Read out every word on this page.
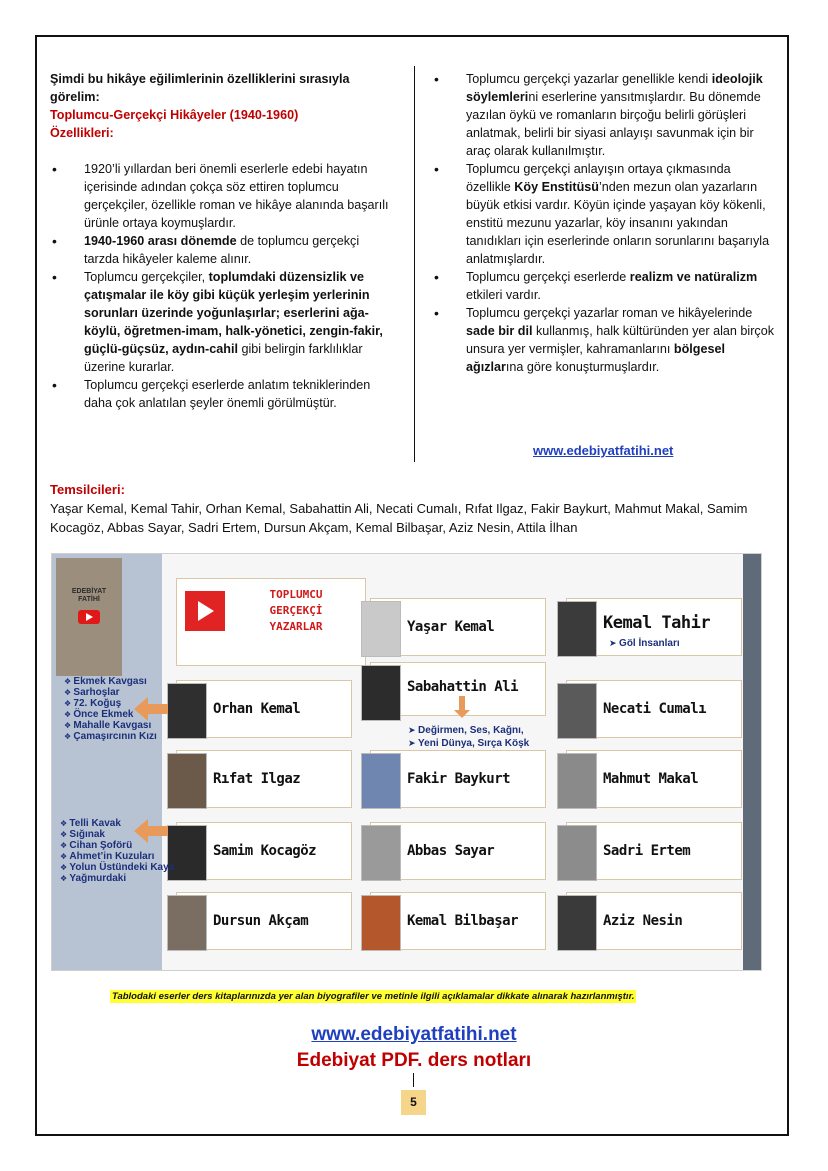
Şimdi bu hikâye eğilimlerinin özelliklerini sırasıyla görelim:
Toplumcu-Gerçekçi Hikâyeler (1940-1960)
Özellikleri:
• 1920’li yıllardan beri önemli eserlerle edebi hayatın içerisinde adından çokça söz ettiren toplumcu gerçekçiler, özellikle roman ve hikâye alanında başarılı ürünle ortaya koymuşlardır.
• 1940-1960 arası dönemde de toplumcu gerçekçi tarzda hikâyeler kaleme alınır.
• Toplumcu gerçekçiler, toplumdaki düzensizlik ve çatışmalar ile köy gibi küçük yerleşim yerlerinin sorunları üzerinde yoğunlaşırlar; eserlerini ağa-köylü, öğretmen-imam, halk-yönetici, zengin-fakir, güçlü-güçsüz, aydın-cahil gibi belirgin farklılıklar üzerine kurarlar.
• Toplumcu gerçekçi eserlerde anlatım tekniklerinden daha çok anlatılan şeyler önemli görülmüştür.
• Toplumcu gerçekçi yazarlar genellikle kendi ideolojik söylemlerini eserlerine yansıtmışlardır. Bu dönemde yazılan öykü ve romanların birçoğu belirli görüşleri anlatmak, belirli bir siyasi anlayışı savunmak için bir araç olarak kullanılmıştır.
• Toplumcu gerçekçi anlayışın ortaya çıkmasında özellikle Köy Enstitüsü’nden mezun olan yazarların büyük etkisi vardır. Köyün içinde yaşayan köy kökenli, enstitü mezunu yazarlar, köy insanını yakından tanıdıkları için eserlerinde onların sorunlarını başarıyla anlatmışlardır.
• Toplumcu gerçekçi eserlerde realizm ve natüralizm etkileri vardır.
• Toplumcu gerçekçi yazarlar roman ve hikâyelerinde sade bir dil kullanmış, halk kültüründen yer alan birçok unsura yer vermişler, kahramanlarını bölgesel ağızlarına göre konuşturmuşlardır.
www.edebiyatfatihi.net
Temsilcileri:
Yaşar Kemal, Kemal Tahir, Orhan Kemal, Sabahattin Ali, Necati Cumalı, Rıfat Ilgaz, Fakir Baykurt, Mahmut Makal, Samim Kocagöz, Abbas Sayar, Sadri Ertem, Dursun Akçam, Kemal Bilbaşar, Aziz Nesin, Attila İlhan
EDEBİYAT FATİHİ	TOPLUMCU
GERÇEKÇİ
YAZARLAR	Yaşar Kemal	Kemal Tahir
➤ Göl İnsanları
Orhan Kemal
Sabahattin Ali
➤ Değirmen, Ses, Kağnı,
➤ Yeni Dünya, Sırça Köşk
Necati Cumalı
❖ Ekmek Kavgası
❖ Sarhoşlar
❖ 72. Koğuş
❖ Önce Ekmek
❖ Mahalle Kavgası
❖ Çamaşırcının Kızı
Rıfat Ilgaz	Fakir Baykurt	Mahmut Makal
Samim Kocagöz	Abbas Sayar	Sadri Ertem
❖ Telli Kavak
❖ Sığınak
❖ Cihan Şoförü
❖ Ahmet’in Kuzuları
❖ Yolun Üstündeki Kaya
❖ Yağmurdaki
Dursun Akçam	Kemal Bilbaşar	Aziz Nesin
Tablodaki eserler ders kitaplarınızda yer alan biyografiler ve metinle ilgili açıklamalar dikkate alınarak hazırlanmıştır.
www.edebiyatfatihi.net
Edebiyat PDF. ders notları
5
